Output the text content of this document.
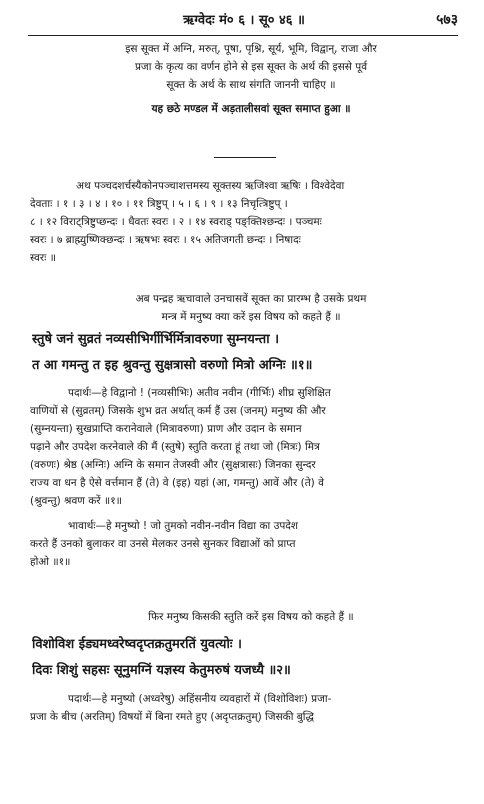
ऋग्वेदः मं० ६ । सू० ४६ ॥	५७३
इस सूक्त में अग्नि, मरुत्, पूषा, पृश्नि, सूर्य, भूमि, विद्वान्, राजा और
प्रजा के कृत्य का वर्णन होने से इस सूक्त के अर्थ की इससे पूर्व
सूक्त के अर्थ के साथ संगति जाननी चाहिए ॥
यह छठे मण्डल में अड़तालीसवां सूक्त समाप्त हुआ ॥
अथ पञ्चदशर्चस्यैकोनपञ्चाशत्तमस्य सूक्तस्य ऋजिश्वा ऋषिः । विश्वेदेवा
देवताः । १ । ३ । ४ । १० । ११ त्रिष्टुप् । ५ । ६ । ९ । १३ निचृत्त्रिष्टुप् ।
८ । १२ विराट्त्रिष्टुप्छन्दः । धैवतः स्वरः । २ । १४ स्वराड् पङ्क्तिश्छन्दः । पञ्चमः
स्वरः । ७ ब्राह्म्युष्णिक्छन्दः । ऋषभः स्वरः । १५ अतिजगती छन्दः । निषादः
स्वरः ॥
अब पन्द्रह ऋचावाले उनचासवें सूक्त का प्रारम्भ है उसके प्रथम
मन्त्र में मनुष्य क्या करें इस विषय को कहते हैं ॥
स्तुषे जनं सुव्रतं नव्यसीभिर्गीर्भिर्मित्रावरुणा सुम्नयन्ता ।
त आ गमन्तु त इह श्रुवन्तु सुक्षत्रासो वरुणो मित्रो अग्निः ॥१॥
पदार्थः—हे विद्वानो ! (नव्यसीभिः) अतीव नवीन (गीर्भिः) शीघ्र सुशिक्षित
वाणियों से (सुव्रतम्) जिसके शुभ व्रत अर्थात् कर्म हैं उस (जनम्) मनुष्य की और
(सुम्नयन्ता) सुखप्राप्ति करानेवाले (मित्रावरुणा) प्राण और उदान के समान
पढ़ाने और उपदेश करनेवाले की मैं (स्तुषे) स्तुति करता हूं तथा जो (मित्रः) मित्र
(वरुणः) श्रेष्ठ (अग्निः) अग्नि के समान तेजस्वी और (सुक्षत्रासः) जिनका सुन्दर
राज्य वा धन है ऐसे वर्त्तमान हैं (ते) वे (इह) यहां (आ, गमन्तु) आवें और (ते) वे
(श्रुवन्तु) श्रवण करें ॥१॥
भावार्थः—हे मनुष्यो ! जो तुमको नवीन-नवीन विद्या का उपदेश
करते हैं उनको बुलाकर वा उनसे मेलकर उनसे सुनकर विद्याओं को प्राप्त
होओ ॥१॥
फिर मनुष्य किसकी स्तुति करें इस विषय को कहते हैं ॥
विशोविश ईड्यमध्वरेष्वदृप्तक्रतुमरतिं युवत्योः ।
दिवः शिशुं सहसः सूनुमग्निं यज्ञस्य केतुमरुषं यजध्यै ॥२॥
पदार्थः—हे मनुष्यो (अध्वरेषु) अहिंसनीय व्यवहारों में (विशोविशः) प्रजा-
प्रजा के बीच (अरतिम्) विषयों में बिना रमते हुए (अदृप्तक्रतुम्) जिसकी बुद्धि
